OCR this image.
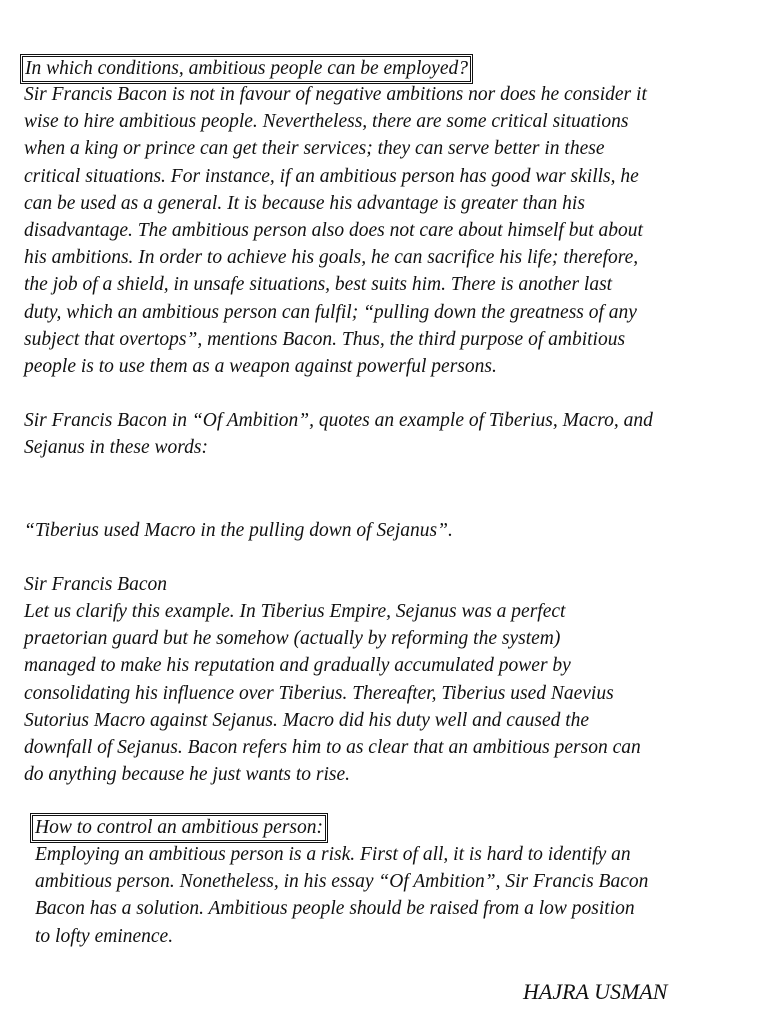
In which conditions, ambitious people can be employed?

Sir Francis Bacon is not in favour of negative ambitions nor does he consider it
wise to hire ambitious people. Nevertheless, there are some critical situations
when a king or prince can get their services; they can serve better in these
critical situations. For instance, if an ambitious person has good war skills, he
can be used as a general. It is because his advantage is greater than his
disadvantage. The ambitious person also does not care about himself but about
his ambitions. In order to achieve his goals, he can sacrifice his life; therefore,
the job of a shield, in unsafe situations, best suits him. There is another last
duty, which an ambitious person can fulfil; “pulling down the greatness of any
subject that overtops”, mentions Bacon. Thus, the third purpose of ambitious
people is to use them as a weapon against powerful persons.

Sir Francis Bacon in “Of Ambition”, quotes an example of Tiberius, Macro, and
Sejanus in these words:

“Tiberius used Macro in the pulling down of Sejanus”.

Sir Francis Bacon

Let us clarify this example. In Tiberius Empire, Sejanus was a perfect
praetorian guard but he somehow (actually by reforming the system)
managed to make his reputation and gradually accumulated power by
consolidating his influence over Tiberius. Thereafter, Tiberius used Naevius
Sutorius Macro against Sejanus. Macro did his duty well and caused the
downfall of Sejanus. Bacon refers him to as clear that an ambitious person can
do anything because he just wants to rise.

How to control an ambitious person:

Employing an ambitious person is a risk. First of all, it is hard to identify an
ambitious person. Nonetheless, in his essay “Of Ambition”, Sir Francis Bacon
Bacon has a solution. Ambitious people should be raised from a low position
to lofty eminence.

HAJRA USMAN
